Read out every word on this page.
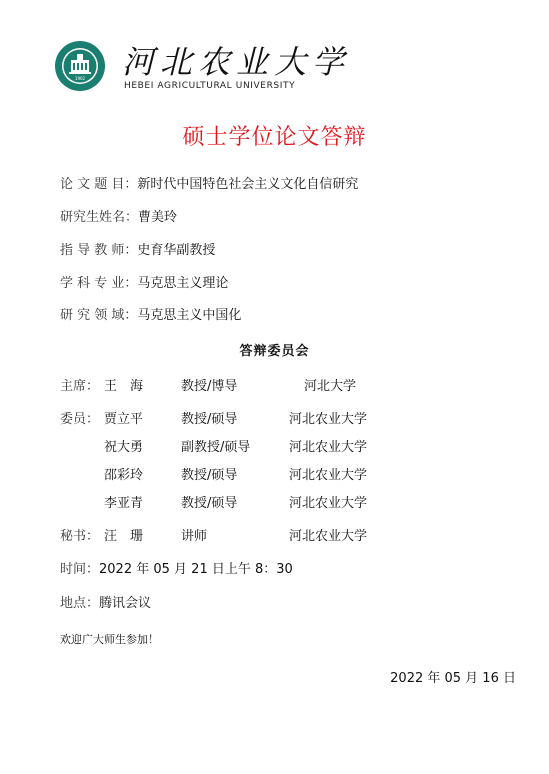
1902 河北农业大学
HEBEI AGRICULTURAL UNIVERSITY
硕士学位论文答辩
论 文 题 目：新时代中国特色社会主义文化自信研究
研究生姓名：曹美玲
指 导 教 师：史育华副教授
学 科 专 业：马克思主义理论
研 究 领 域：马克思主义中国化
答辩委员会
主席： 王　海	教授/博导	河北大学
委员： 贾立平	教授/硕导	河北农业大学
祝大勇	副教授/硕导	河北农业大学
邵彩玲	教授/硕导	河北农业大学
李亚青	教授/硕导	河北农业大学
秘书： 汪　珊	讲师	河北农业大学
时间：2022 年 05 月 21 日上午 8：30
地点：腾讯会议
欢迎广大师生参加！
2022 年 05 月 16 日
